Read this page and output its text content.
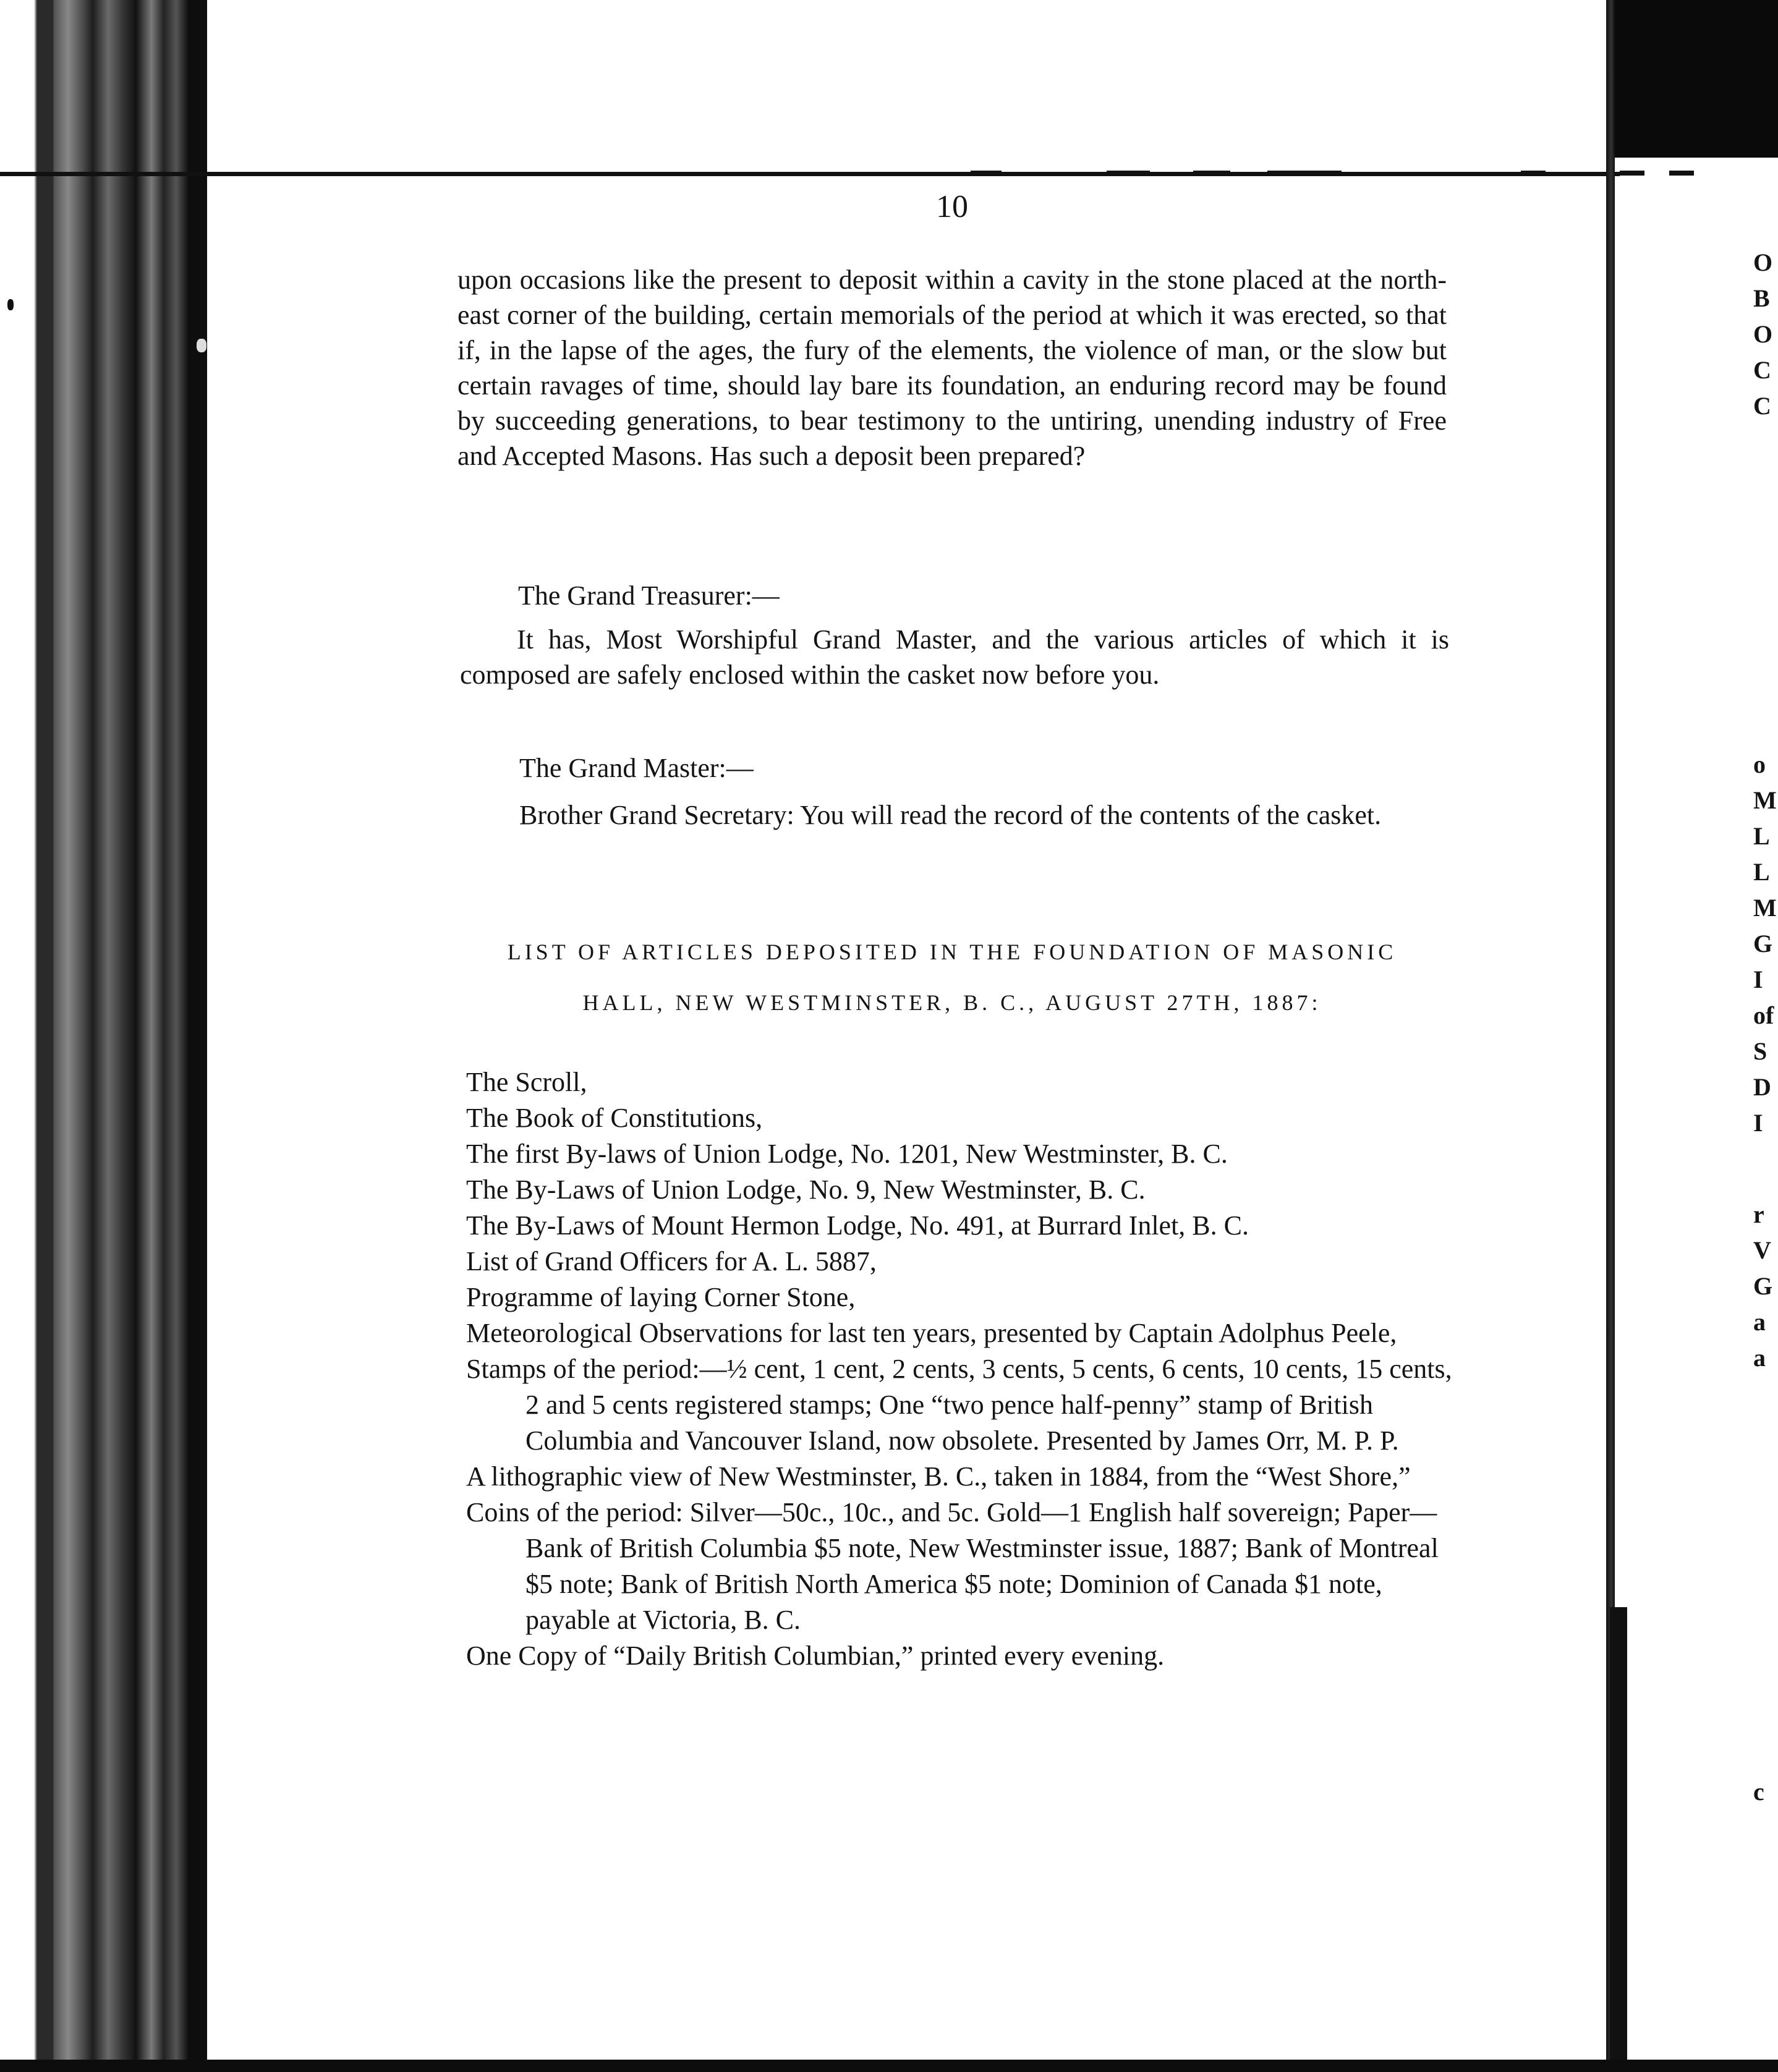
10

upon occasions like the present to deposit within a cavity in the stone placed at the north-east corner of the building, certain memorials of the period at which it was erected, so that if, in the lapse of the ages, the fury of the elements, the violence of man, or the slow but certain ravages of time, should lay bare its foundation, an enduring record may be found by succeeding generations, to bear testimony to the untiring, unending industry of Free and Accepted Masons. Has such a deposit been prepared?

The Grand Treasurer:—

It has, Most Worshipful Grand Master, and the various articles of which it is composed are safely enclosed within the casket now before you.

The Grand Master:—

Brother Grand Secretary: You will read the record of the contents of the casket.

LIST OF ARTICLES DEPOSITED IN THE FOUNDATION OF MASONIC

HALL, NEW WESTMINSTER, B. C., AUGUST 27TH, 1887:

The Scroll,
The Book of Constitutions,
The first By-laws of Union Lodge, No. 1201, New Westminster, B. C.
The By-Laws of Union Lodge, No. 9, New Westminster, B. C.
The By-Laws of Mount Hermon Lodge, No. 491, at Burrard Inlet, B. C.
List of Grand Officers for A. L. 5887,
Programme of laying Corner Stone,
Meteorological Observations for last ten years, presented by Captain Adolphus Peele,
Stamps of the period:—½ cent, 1 cent, 2 cents, 3 cents, 5 cents, 6 cents, 10 cents, 15 cents, 2 and 5 cents registered stamps; One “two pence half-penny” stamp of British Columbia and Vancouver Island, now obsolete. Presented by James Orr, M. P. P.
A lithographic view of New Westminster, B. C., taken in 1884, from the “West Shore,”
Coins of the period: Silver—50c., 10c., and 5c. Gold—1 English half sovereign; Paper—Bank of British Columbia $5 note, New Westminster issue, 1887; Bank of Montreal $5 note; Bank of British North America $5 note; Dominion of Canada $1 note, payable at Victoria, B. C.
One Copy of “Daily British Columbian,” printed every evening.
O
B
O
C
C
o
M
L
L
M
G
I
of
S
D
I
r
V
G
a
a
c
